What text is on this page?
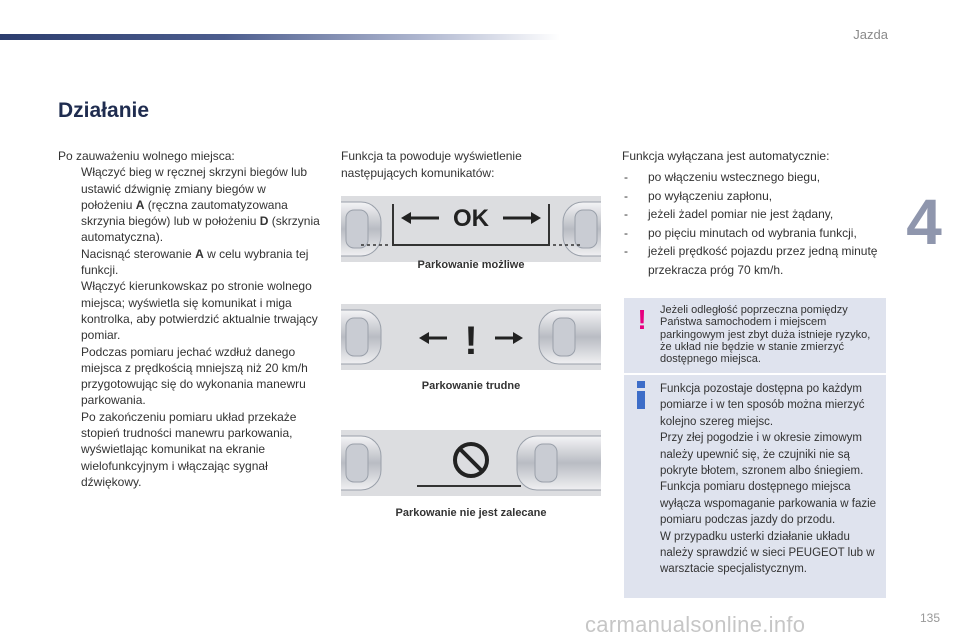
Jazda
4
Działanie
Po zauważeniu wolnego miejsca:
Włączyć bieg w ręcznej skrzyni biegów lub ustawić dźwignię zmiany biegów w położeniu A (ręczna zautomatyzowana skrzynia biegów) lub w położeniu D (skrzynia automatyczna).
Nacisnąć sterowanie A w celu wybrania tej funkcji.
Włączyć kierunkowskaz po stronie wolnego miejsca; wyświetla się komunikat i miga kontrolka, aby potwierdzić aktualnie trwający pomiar.
Podczas pomiaru jechać wzdłuż danego miejsca z prędkością mniejszą niż 20 km/h przygotowując się do wykonania manewru parkowania.
Po zakończeniu pomiaru układ przekaże stopień trudności manewru parkowania, wyświetlając komunikat na ekranie wielofunkcyjnym i włączając sygnał dźwiękowy.
Funkcja ta powoduje wyświetlenie następujących komunikatów:
OK
Parkowanie możliwe
!
Parkowanie trudne
Parkowanie nie jest zalecane
Funkcja wyłączana jest automatycznie:
- po włączeniu wstecznego biegu,
- po wyłączeniu zapłonu,
- jeżeli żadel pomiar nie jest żądany,
- po pięciu minutach od wybrania funkcji,
- jeżeli prędkość pojazdu przez jedną minutę przekracza próg 70 km/h.
!	Jeżeli odległość poprzeczna pomiędzy Państwa samochodem i miejscem parkingowym jest zbyt duża istnieje ryzyko, że układ nie będzie w stanie zmierzyć dostępnego miejsca.

Funkcja pozostaje dostępna po każdym pomiarze i w ten sposób można mierzyć kolejno szereg miejsc.

Przy złej pogodzie i w okresie zimowym należy upewnić się, że czujniki nie są pokryte błotem, szronem albo śniegiem.

Funkcja pomiaru dostępnego miejsca wyłącza wspomaganie parkowania w fazie pomiaru podczas jazdy do przodu.

W przypadku usterki działanie układu należy sprawdzić w sieci PEUGEOT lub w warsztacie specjalistycznym.

135
carmanualsonline.info
